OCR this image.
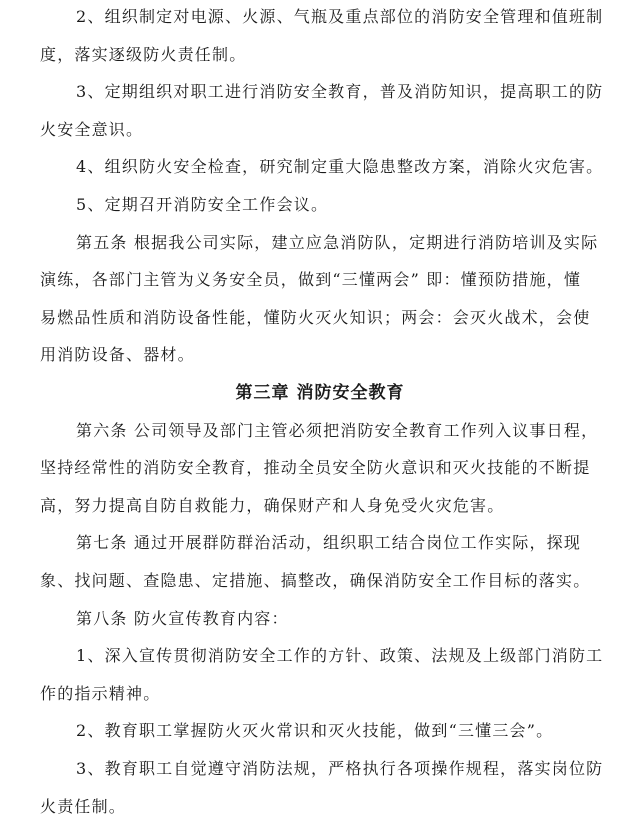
2、组织制定对电源、火源、气瓶及重点部位的消防安全管理和值班制
度，落实逐级防火责任制。
3、定期组织对职工进行消防安全教育，普及消防知识，提高职工的防
火安全意识。
4、组织防火安全检查，研究制定重大隐患整改方案，消除火灾危害。
5、定期召开消防安全工作会议。
第五条 根据我公司实际，建立应急消防队，定期进行消防培训及实际
演练，各部门主管为义务安全员，做到“三懂两会” 即：懂预防措施，懂
易燃品性质和消防设备性能，懂防火灭火知识；两会：会灭火战术，会使
用消防设备、器材。
第三章 消防安全教育
第六条 公司领导及部门主管必须把消防安全教育工作列入议事日程，
坚持经常性的消防安全教育，推动全员安全防火意识和灭火技能的不断提
高，努力提高自防自救能力，确保财产和人身免受火灾危害。
第七条 通过开展群防群治活动，组织职工结合岗位工作实际，探现
象、找问题、查隐患、定措施、搞整改，确保消防安全工作目标的落实。
第八条 防火宣传教育内容：
1、深入宣传贯彻消防安全工作的方针、政策、法规及上级部门消防工
作的指示精神。
2、教育职工掌握防火灭火常识和灭火技能，做到“三懂三会”。
3、教育职工自觉遵守消防法规，严格执行各项操作规程，落实岗位防
火责任制。
